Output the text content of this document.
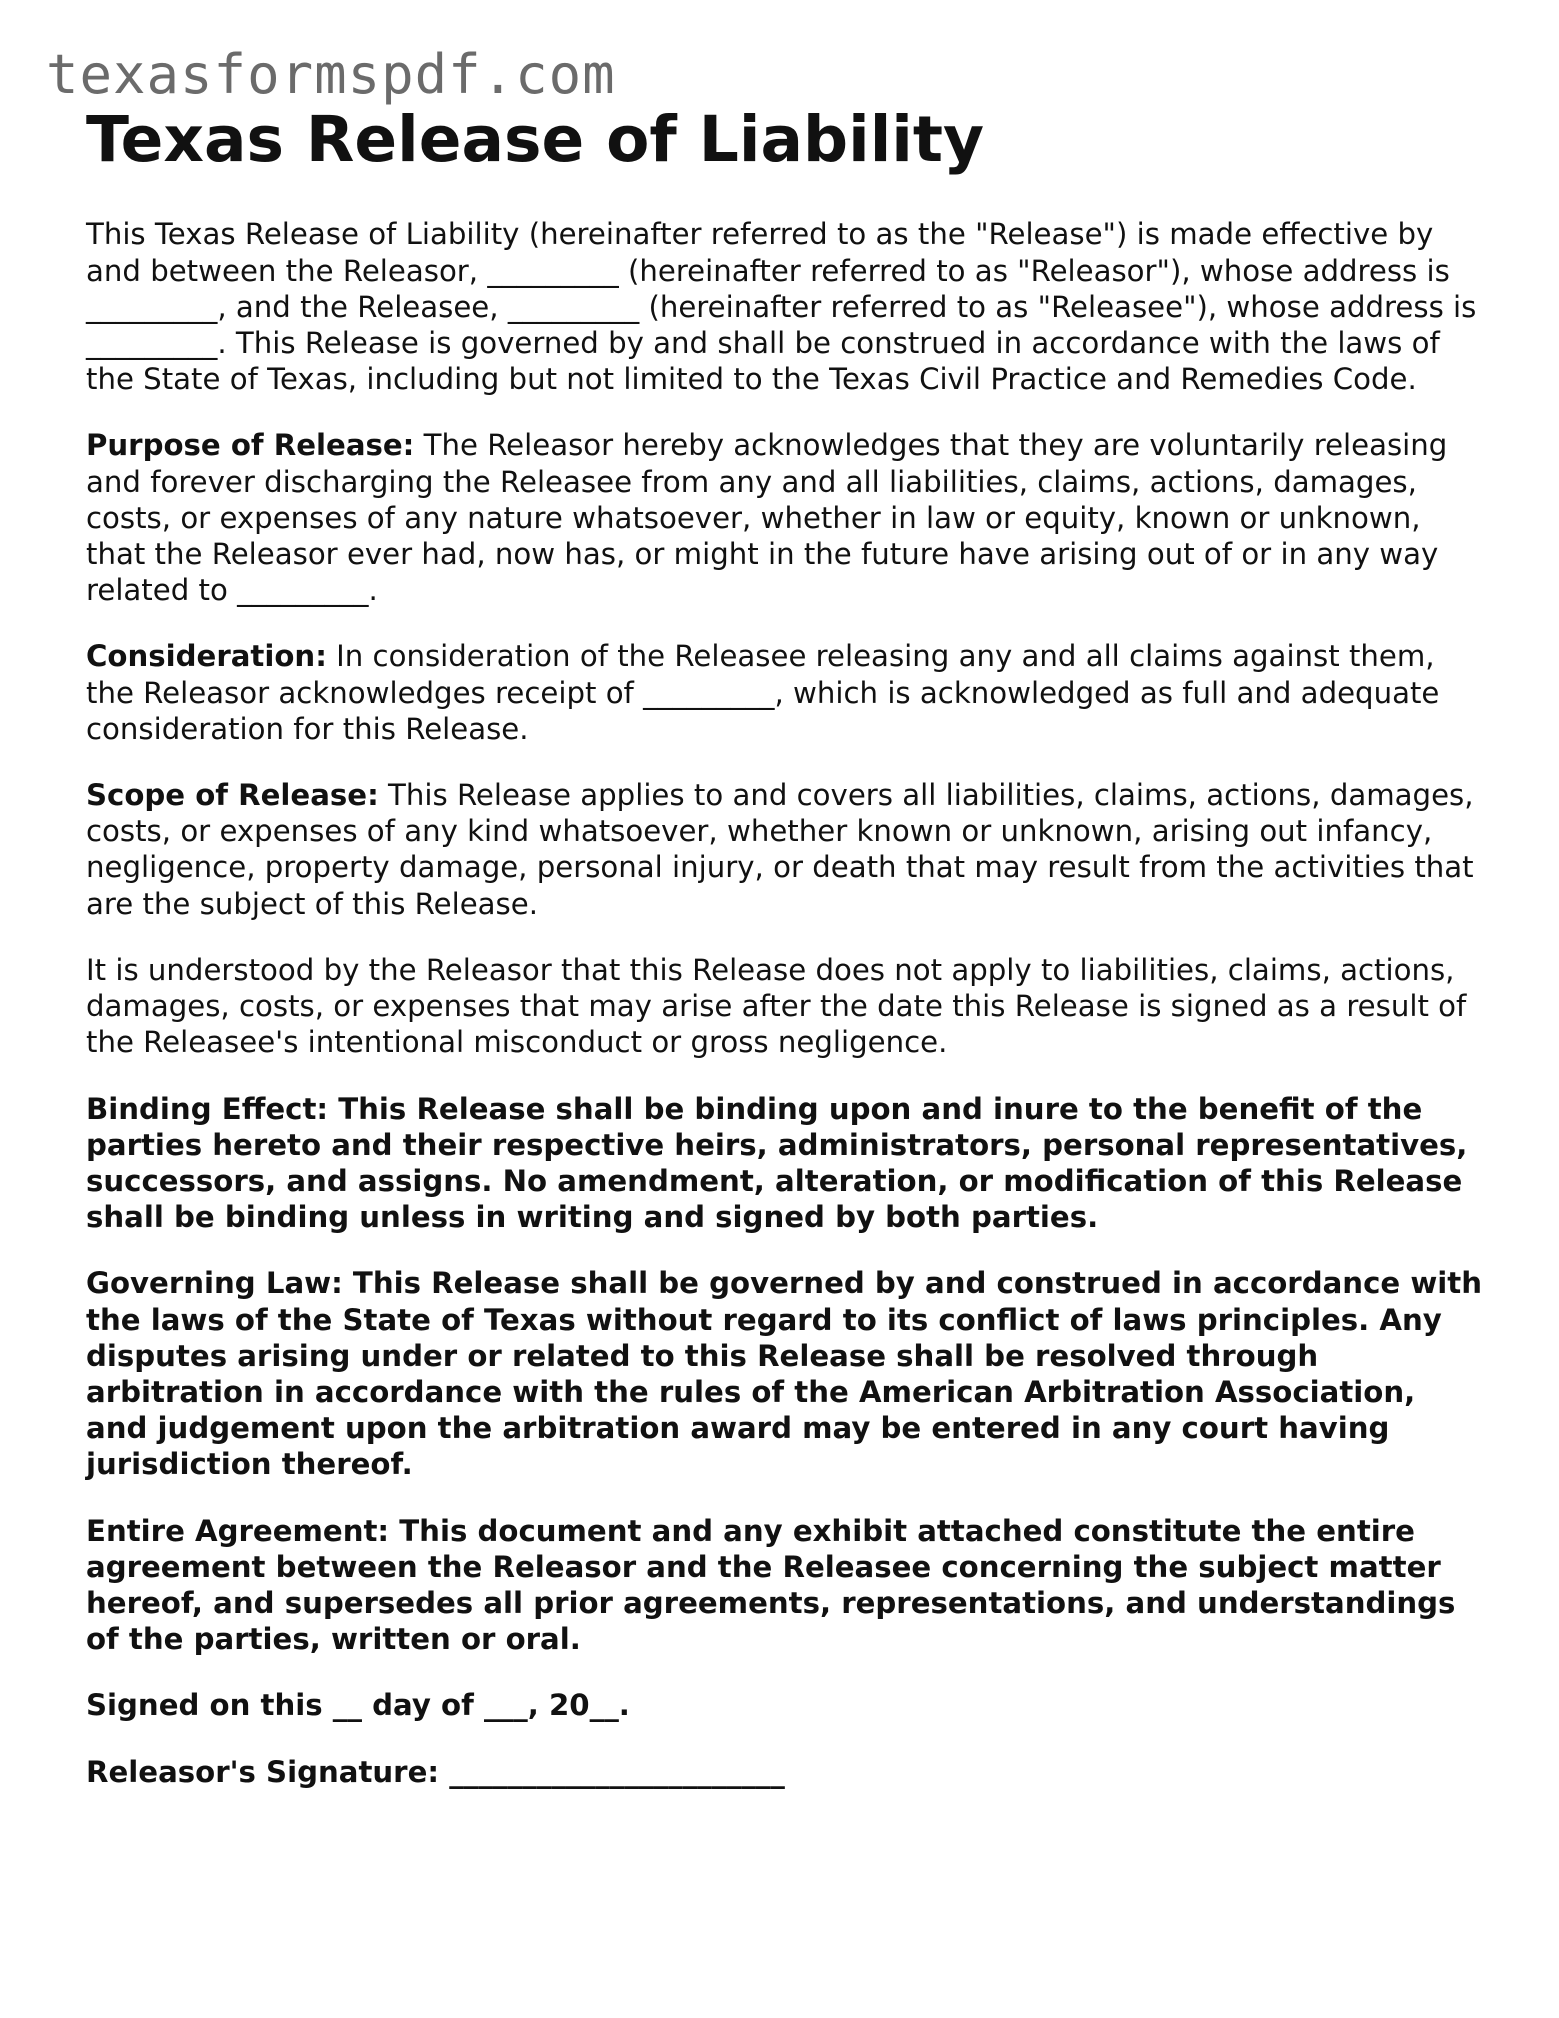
texasformspdf.com
Texas Release of Liability

This Texas Release of Liability (hereinafter referred to as the "Release") is made effective by and between the Releasor, _________ (hereinafter referred to as "Releasor"), whose address is _________, and the Releasee, _________ (hereinafter referred to as "Releasee"), whose address is _________. This Release is governed by and shall be construed in accordance with the laws of the State of Texas, including but not limited to the Texas Civil Practice and Remedies Code.

Purpose of Release: The Releasor hereby acknowledges that they are voluntarily releasing and forever discharging the Releasee from any and all liabilities, claims, actions, damages, costs, or expenses of any nature whatsoever, whether in law or equity, known or unknown, that the Releasor ever had, now has, or might in the future have arising out of or in any way related to _________.

Consideration: In consideration of the Releasee releasing any and all claims against them, the Releasor acknowledges receipt of _________, which is acknowledged as full and adequate consideration for this Release.

Scope of Release: This Release applies to and covers all liabilities, claims, actions, damages, costs, or expenses of any kind whatsoever, whether known or unknown, arising out infancy, negligence, property damage, personal injury, or death that may result from the activities that are the subject of this Release.

It is understood by the Releasor that this Release does not apply to liabilities, claims, actions, damages, costs, or expenses that may arise after the date this Release is signed as a result of the Releasee's intentional misconduct or gross negligence.

Binding Effect: This Release shall be binding upon and inure to the benefit of the parties hereto and their respective heirs, administrators, personal representatives, successors, and assigns. No amendment, alteration, or modification of this Release shall be binding unless in writing and signed by both parties.

Governing Law: This Release shall be governed by and construed in accordance with the laws of the State of Texas without regard to its conflict of laws principles. Any disputes arising under or related to this Release shall be resolved through arbitration in accordance with the rules of the American Arbitration Association, and judgement upon the arbitration award may be entered in any court having jurisdiction thereof.

Entire Agreement: This document and any exhibit attached constitute the entire agreement between the Releasor and the Releasee concerning the subject matter hereof, and supersedes all prior agreements, representations, and understandings of the parties, written or oral.

Signed on this __ day of ___, 20__.

Releasor's Signature: _______________________
